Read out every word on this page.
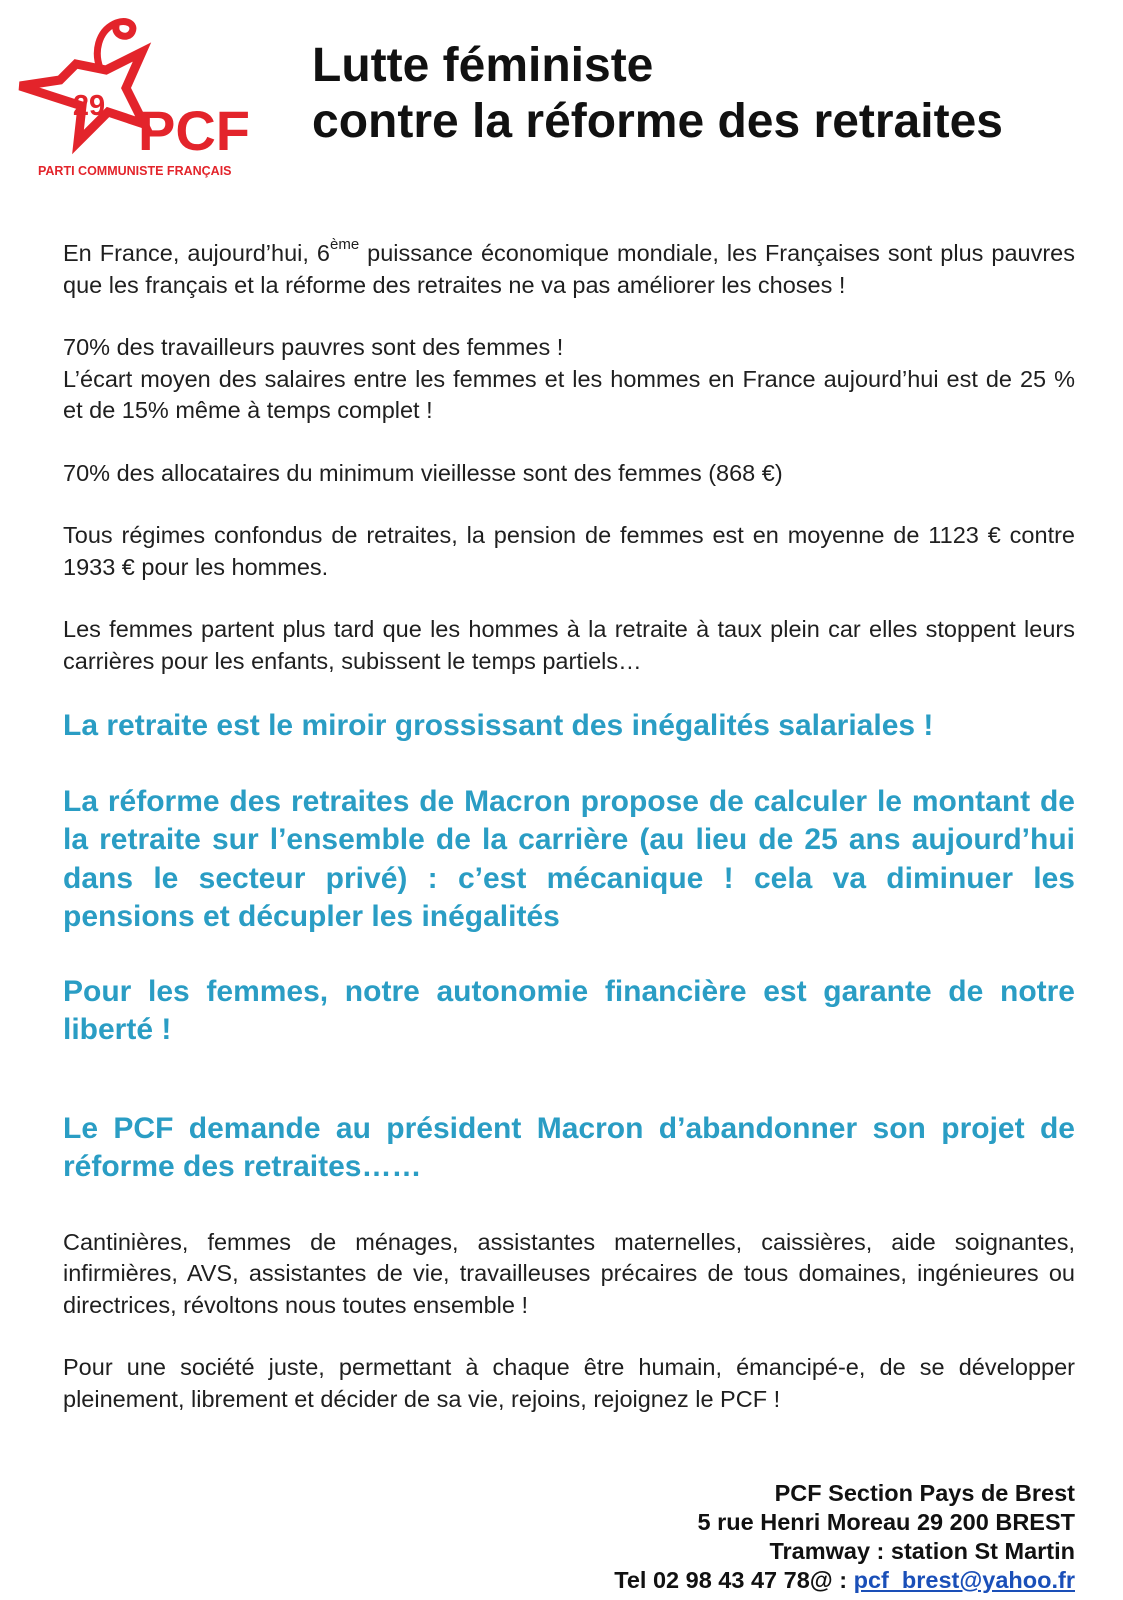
29 PCF
PARTI COMMUNISTE FRANÇAIS
Lutte féministe
contre la réforme des retraites

En France, aujourd’hui, 6ème puissance économique mondiale, les Françaises sont plus pauvres que les français et la réforme des retraites ne va pas améliorer les choses !

70% des travailleurs pauvres sont des femmes !

L’écart moyen des salaires entre les femmes et les hommes en France aujourd’hui est de 25 % et de 15% même à temps complet !

70% des allocataires du minimum vieillesse sont des femmes (868 €)

Tous régimes confondus de retraites, la pension de femmes est en moyenne de 1123 € contre 1933 € pour les hommes.

Les femmes partent plus tard que les hommes à la retraite à taux plein car elles stoppent leurs carrières pour les enfants, subissent le temps partiels…

La retraite est le miroir grossissant des inégalités salariales !

La réforme des retraites de Macron propose de calculer le montant de la retraite sur l’ensemble de la carrière (au lieu de 25 ans aujourd’hui dans le secteur privé) : c’est mécanique ! cela va diminuer les pensions et décupler les inégalités

Pour les femmes, notre autonomie financière est garante de notre liberté !

Le PCF demande au président Macron d’abandonner son projet de réforme des retraites……

Cantinières, femmes de ménages, assistantes maternelles, caissières, aide soignantes, infirmières, AVS, assistantes de vie, travailleuses précaires de tous domaines, ingénieures ou directrices, révoltons nous toutes ensemble !

Pour une société juste, permettant à chaque être humain, émancipé-e, de se développer pleinement, librement et décider de sa vie, rejoins, rejoignez le PCF !

PCF Section Pays de Brest
5 rue Henri Moreau 29 200 BREST
Tramway : station St Martin
Tel 02 98 43 47 78@ : pcf_brest@yahoo.fr
